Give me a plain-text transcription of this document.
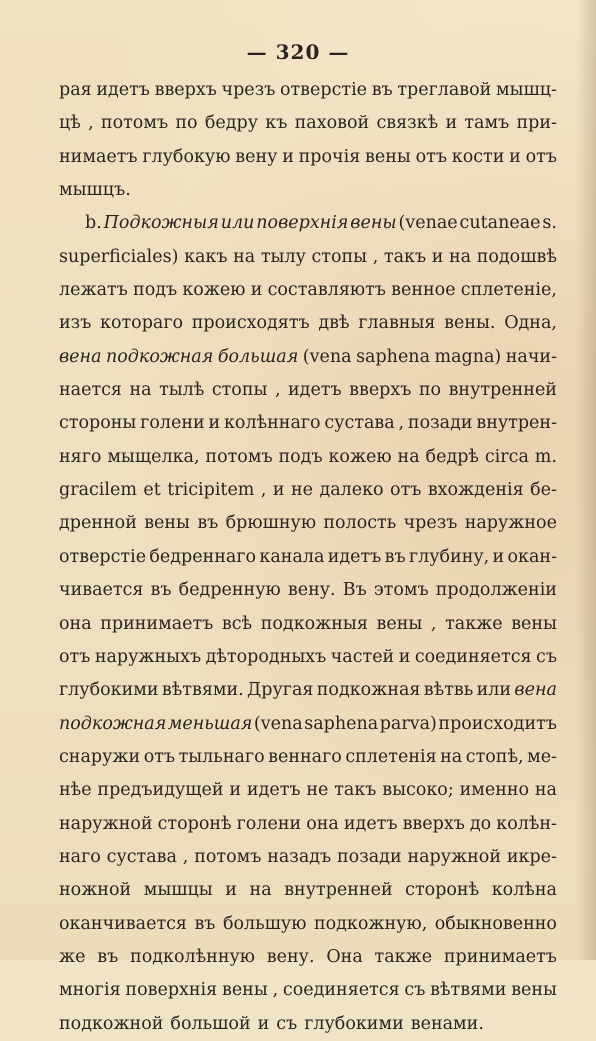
— 320 —
рая идетъ вверхъ чрезъ отверстіе въ треглавой мышц-
цѣ , потомъ по бедру къ паховой связкѣ и тамъ при-
нимаетъ глубокую вену и прочія вены отъ кости и отъ
мышцъ.
b. Подкожныя или поверхнія вены (venae cutaneae s.
superficiales) какъ на тылу стопы , такъ и на подошвѣ
лежатъ подъ кожею и составляютъ венное сплетеніе,
изъ котораго происходятъ двѣ главныя вены. Одна,
вена подкожная большая (vena saphena magna) начи-
нается на тылѣ стопы , идетъ вверхъ по внутренней
стороны голени и колѣннаго сустава , позади внутрен-
няго мыщелка, потомъ подъ кожею на бедрѣ circa m.
gracilem et tricipitem , и не далеко отъ вхожденія бе-
дренной вены въ брюшную полость чрезъ наружное
отверстіе бедреннаго канала идетъ въ глубину, и окан-
чивается въ бедренную вену. Въ этомъ продолженіи
она принимаетъ всѣ подкожныя вены , также вены
отъ наружныхъ дѣтородныхъ частей и соединяется съ
глубокими вѣтвями. Другая подкожная вѣтвь или вена
подкожная меньшая (vena saphena parva) происходитъ
снаружи отъ тыльнаго веннаго сплетенія на стопѣ, ме-
нѣе предъидущей и идетъ не такъ высоко; именно на
наружной сторонѣ голени она идетъ вверхъ до колѣн-
наго сустава , потомъ назадъ позади наружной икре-
ножной мышцы и на внутренней сторонѣ колѣна
оканчивается въ большую подкожную, обыкновенно
же въ подколѣнную вену. Она также принимаетъ
многія поверхнія вены , соединяется съ вѣтвями вены
подкожной большой и съ глубокими венами.
